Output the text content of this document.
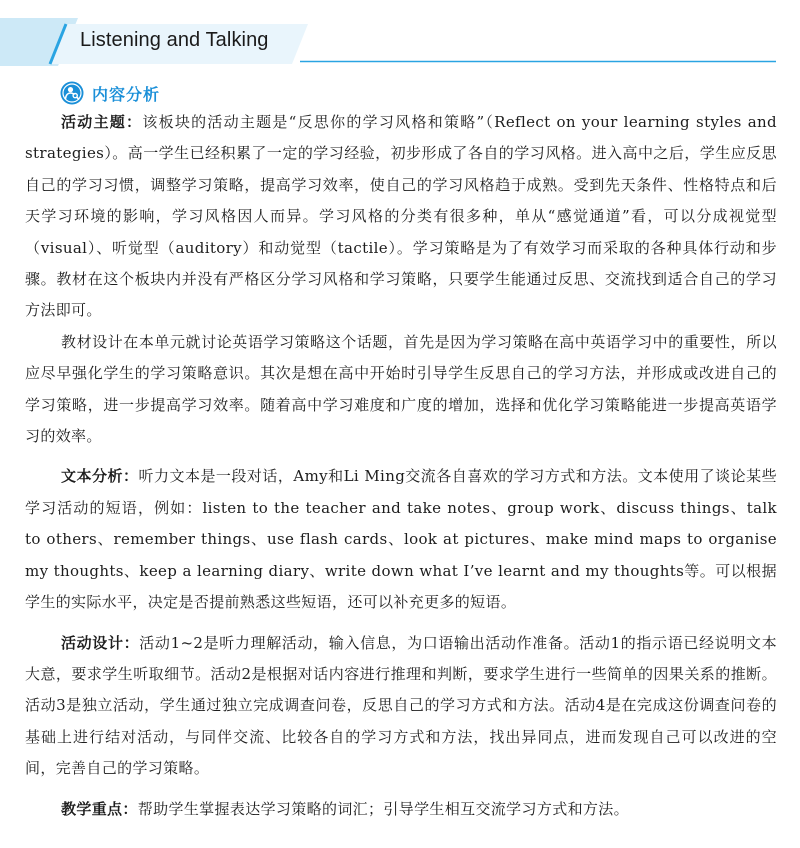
Listening and Talking
内容分析

活动主题：该板块的活动主题是“反思你的学习风格和策略”（Reflect on your learning styles and strategies）。高一学生已经积累了一定的学习经验，初步形成了各自的学习风格。进入高中之后，学生应反思自己的学习习惯，调整学习策略，提高学习效率，使自己的学习风格趋于成熟。受到先天条件、性格特点和后天学习环境的影响，学习风格因人而异。学习风格的分类有很多种，单从“感觉通道”看，可以分成视觉型（visual）、听觉型（auditory）和动觉型（tactile）。学习策略是为了有效学习而采取的各种具体行动和步骤。教材在这个板块内并没有严格区分学习风格和学习策略，只要学生能通过反思、交流找到适合自己的学习方法即可。

教材设计在本单元就讨论英语学习策略这个话题，首先是因为学习策略在高中英语学习中的重要性，所以应尽早强化学生的学习策略意识。其次是想在高中开始时引导学生反思自己的学习方法，并形成或改进自己的学习策略，进一步提高学习效率。随着高中学习难度和广度的增加，选择和优化学习策略能进一步提高英语学习的效率。

文本分析：听力文本是一段对话，Amy和Li Ming交流各自喜欢的学习方式和方法。文本使用了谈论某些学习活动的短语，例如：listen to the teacher and take notes、group work、discuss things、talk to others、remember things、use flash cards、look at pictures、make mind maps to organise my thoughts、keep a learning diary、write down what I’ve learnt and my thoughts等。可以根据学生的实际水平，决定是否提前熟悉这些短语，还可以补充更多的短语。

活动设计：活动1~2是听力理解活动，输入信息，为口语输出活动作准备。活动1的指示语已经说明文本大意，要求学生听取细节。活动2是根据对话内容进行推理和判断，要求学生进行一些简单的因果关系的推断。活动3是独立活动，学生通过独立完成调查问卷，反思自己的学习方式和方法。活动4是在完成这份调查问卷的基础上进行结对活动，与同伴交流、比较各自的学习方式和方法，找出异同点，进而发现自己可以改进的空间，完善自己的学习策略。

教学重点：帮助学生掌握表达学习策略的词汇；引导学生相互交流学习方式和方法。
